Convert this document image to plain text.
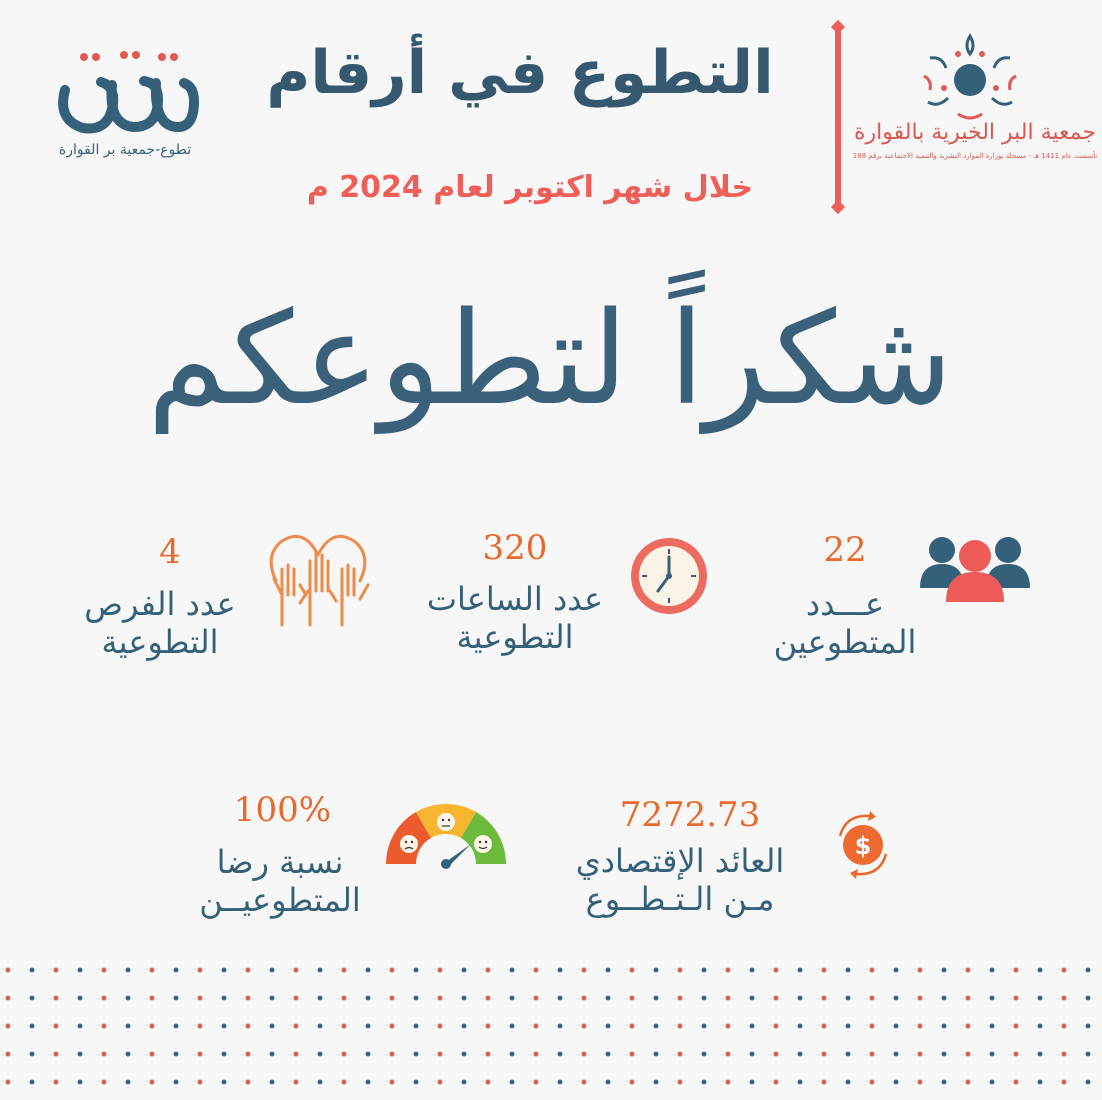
التطوع في أرقام
خلال شهر اكتوبر لعام 2024 م
جمعية البر الخيرية بالقوارة
تأسست عام 1411 هـ - مسجلة بوزارة الموارد البشرية والتنمية الاجتماعية برقم 188
تطوع-جمعية بر القوارة
شكراً لتطوعكم
22
عـــدد
المتطوعين
320
عدد الساعات
التطوعية
4
عدد الفرص
التطوعية
7272.73
العائد الإقتصادي
مـن الـتـطــوع
$
100%
نسبة رضا
المتطوعيــن
